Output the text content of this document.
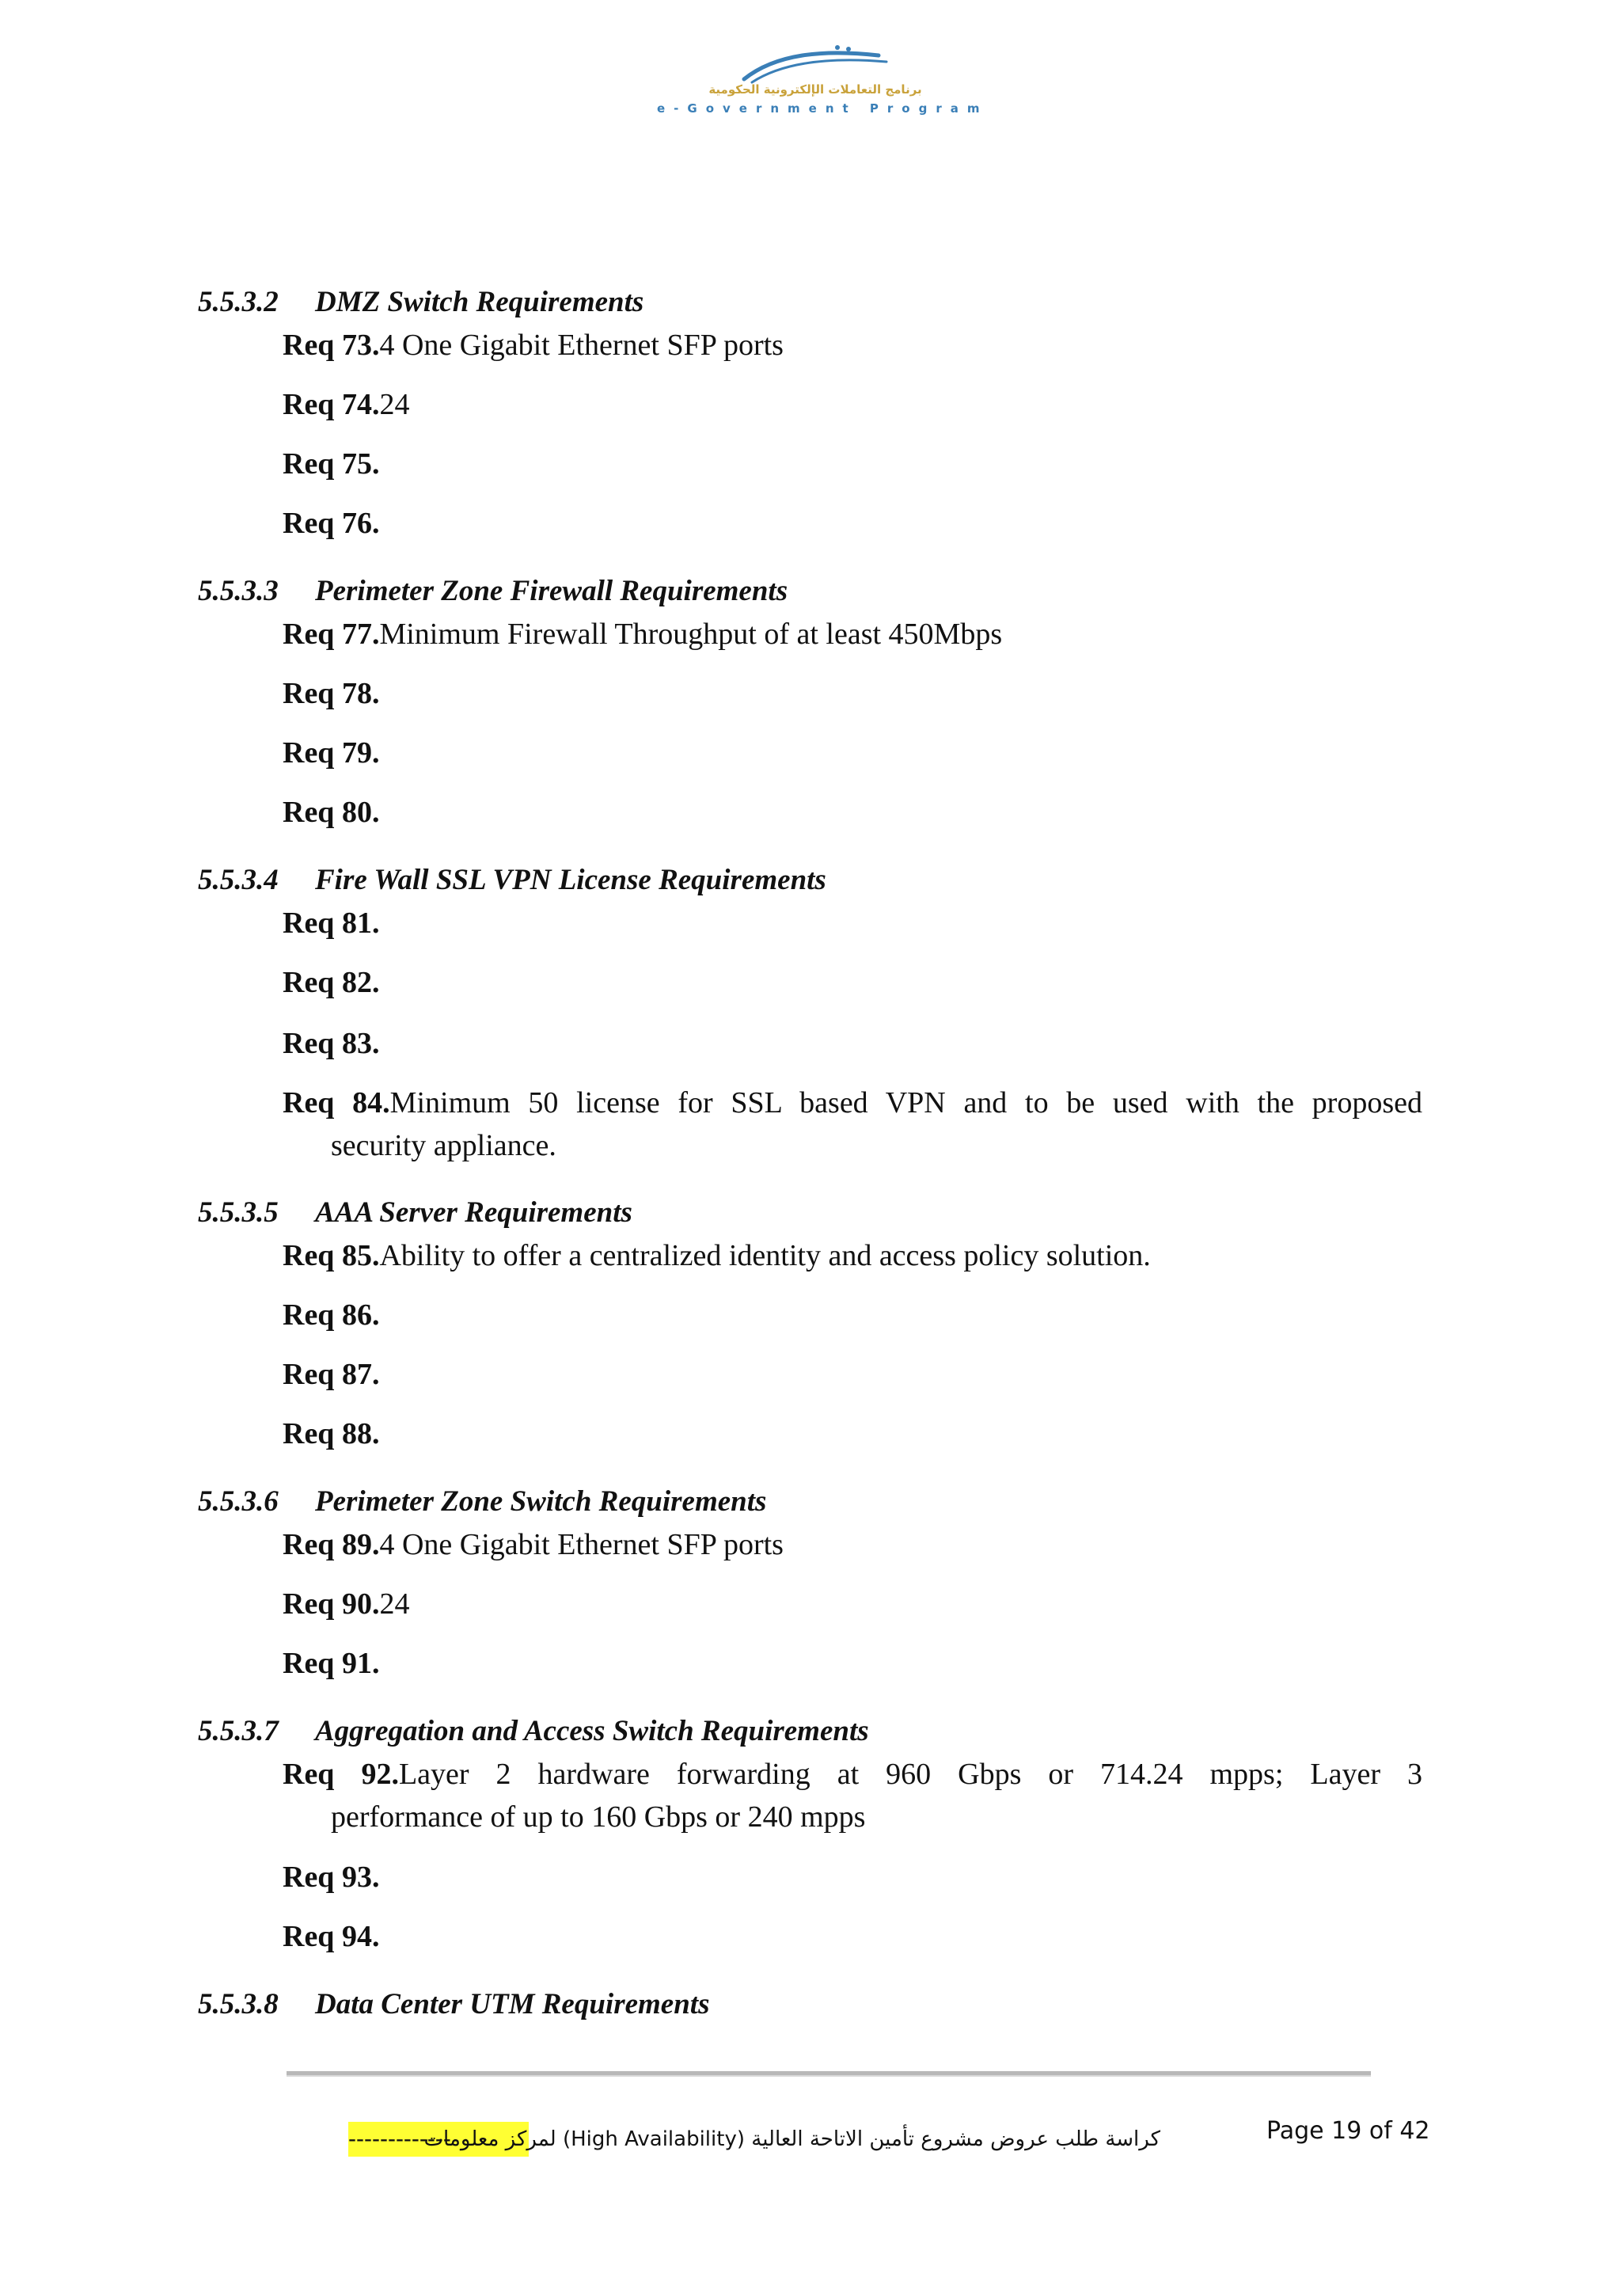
برنامج التعاملات الإلكترونية الحكومية
e-Government Program
5.5.3.2 DMZ Switch Requirements
Req 73.4 One Gigabit Ethernet SFP ports
Req 74.24
Req 75.
Req 76.
5.5.3.3 Perimeter Zone Firewall Requirements
Req 77.Minimum Firewall Throughput of at least 450Mbps
Req 78.
Req 79.
Req 80.
5.5.3.4 Fire Wall SSL VPN License Requirements
Req 81.
Req 82.
Req 83.
Req 84.Minimum 50 license for SSL based VPN and to be used with the proposed
security appliance.
5.5.3.5 AAA Server Requirements
Req 85.Ability to offer a centralized identity and access policy solution.
Req 86.
Req 87.
Req 88.
5.5.3.6 Perimeter Zone Switch Requirements
Req 89.4 One Gigabit Ethernet SFP ports
Req 90.24
Req 91.
5.5.3.7 Aggregation and Access Switch Requirements
Req 92.Layer 2 hardware forwarding at 960 Gbps or 714.24 mpps; Layer 3
performance of up to 160 Gbps or 240 mpps
Req 93.
Req 94.
5.5.3.8 Data Center UTM Requirements
-------------
كراسة طلب عروض مشروع تأمين الاتاحة العالية (High Availability) لمركز معلومات	Page 19 of 42
